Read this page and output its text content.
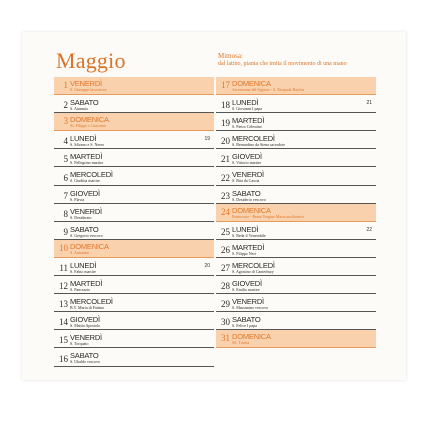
Maggio	Mimosa:
dal latino, pianta che imita il movimento di una mano
1 VENERDÌ
S. Giuseppe lavoratore
2 SABATO
S. Atanasio
3 DOMENICA
Ss. Filippo e Giacomo
4 LUNEDÌ
S. Silvano e S. Nereo
19
5 MARTEDÌ
S. Pellegrino martire
6 MERCOLEDÌ
S. Giuditta martire
7 GIOVEDÌ
S. Flavia
8 VENERDÌ
S. Desiderato
9 SABATO
S. Gregorio vescovo
10 DOMENICA
S. Antonino
11 LUNEDÌ
S. Fabio martire
20
12 MARTEDÌ
S. Pancrazio
13 MERCOLEDÌ
B.V. Maria di Fatima
14 GIOVEDÌ
S. Mattia Apostolo
15 VENERDÌ
S. Torquato
16 SABATO
S. Ubaldo vescovo
17 DOMENICA
Ascensione del Signore - S. Pasquale Baylon
18 LUNEDÌ
S. Giovanni I papa
21
19 MARTEDÌ
S. Pietro Celestino
20 MERCOLEDÌ
S. Bernardino da Siena sacerdote
21 GIOVEDÌ
S. Vittorio martire
22 VENERDÌ
S. Rita da Cascia
23 SABATO
S. Desiderio vescovo
24 DOMENICA
Pentecoste - Beata Vergine Maria ausiliatrice
25 LUNEDÌ
S. Beda il Venerabile
22
26 MARTEDÌ
S. Filippo Neri
27 MERCOLEDÌ
S. Agostino di Canterbury
28 GIOVEDÌ
S. Emilio martire
29 VENERDÌ
S. Massimino vescovo
30 SABATO
S. Felice I papa
31 DOMENICA
SS. Trinità
